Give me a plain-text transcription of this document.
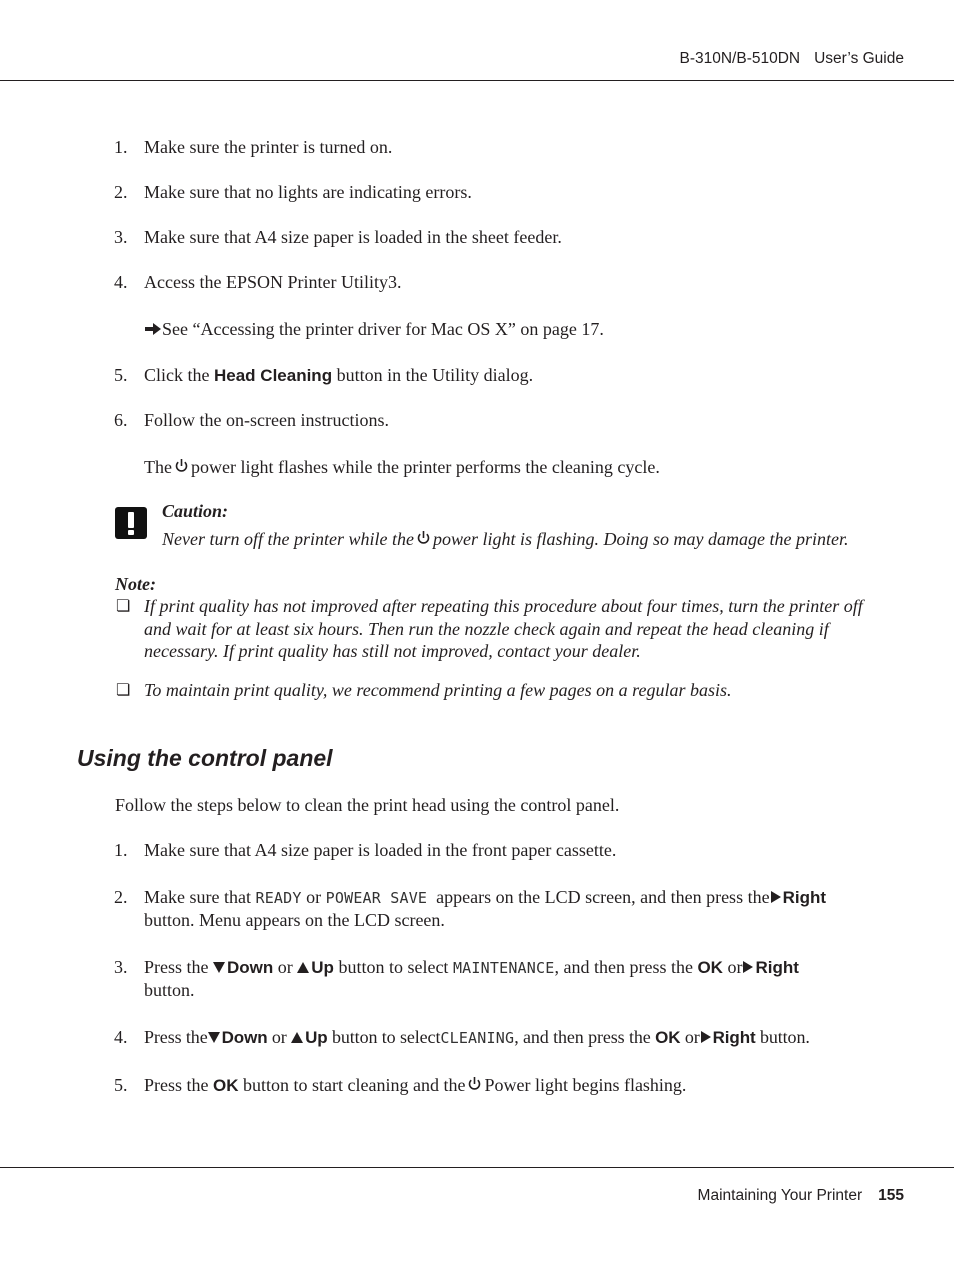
B-310N/B-510DN User’s Guide
1. Make sure the printer is turned on.
2. Make sure that no lights are indicating errors.
3. Make sure that A4 size paper is loaded in the sheet feeder.
4. Access the EPSON Printer Utility3.
See “Accessing the printer driver for Mac OS X” on page 17.
5. Click the Head Cleaning button in the Utility dialog.
6. Follow the on-screen instructions.
The power light flashes while the printer performs the cleaning cycle.
Caution:
Never turn off the printer while the power light is flashing. Doing so may damage the printer.
Note:
❏ If print quality has not improved after repeating this procedure about four times, turn the printer off
and wait for at least six hours. Then run the nozzle check again and repeat the head cleaning if
necessary. If print quality has still not improved, contact your dealer.
❏ To maintain print quality, we recommend printing a few pages on a regular basis.
Using the control panel
Follow the steps below to clean the print head using the control panel.
1. Make sure that A4 size paper is loaded in the front paper cassette.
2. Make sure that READY or POWEAR SAVE appears on the LCD screen, and then press the Right
button. Menu appears on the LCD screen.
3. Press the Down or Up button to select MAINTENANCE, and then press the OK or Right
button.
4. Press the Down or Up button to selectCLEANING, and then press the OK or Right button.
5. Press the OK button to start cleaning and the Power light begins flashing.
Maintaining Your Printer 155
